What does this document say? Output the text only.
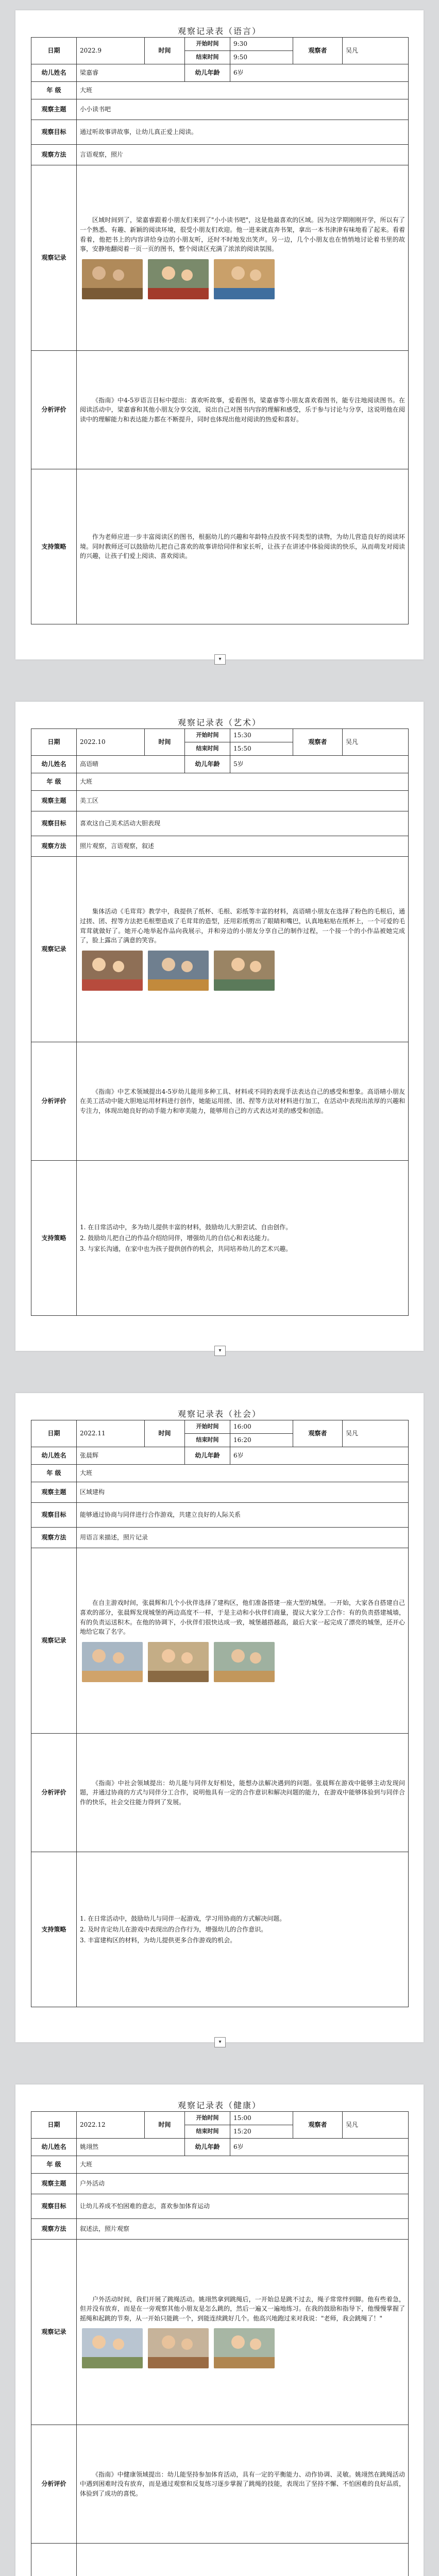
观察记录表（语言）
日期	2022.9	时间	开始时间	9:30	观察者	吴凡
			结束时间	9:50		
幼儿姓名	梁嘉睿		幼儿年龄	6岁		
年 级	大班					
观察主题	小小读书吧					
观察目标	通过听故事讲故事，让幼儿真正爱上阅读。					
观察方法	言语观察，照片					
观察记录	区域时间到了，梁嘉睿跟着小朋友们来到了"小小读书吧"，这是他最喜欢的区域。因为这学期刚刚开学，所以有了一个熟悉、有趣、新颖的阅读环境，很受小朋友们欢迎。他一进来就直奔书架，拿出一本书津津有味地看了起来。看着看着，他把书上的内容讲给身边的小朋友听，还时不时地发出笑声。另一边，几个小朋友也在悄悄地讨论着书里的故事，安静地翻阅着一页一页的图书，整个阅读区充满了浓浓的阅读氛围。					

分析评价	《指南》中4-5岁语言目标中提出：喜欢听故事，爱看图书，梁嘉睿等小朋友喜欢看图书，能专注地阅读图书。在阅读活动中，梁嘉睿和其他小朋友分享交流，说出自己对图书内容的理解和感受，乐于参与讨论与分享，这说明他在阅读中的理解能力和表达能力都在不断提升，同时也体现出他对阅读的热爱和喜好。					

支持策略	作为老师应进一步丰富阅读区的图书，根据幼儿的兴趣和年龄特点投放不同类型的读物，为幼儿营造良好的阅读环境。同时教师还可以鼓励幼儿把自己喜欢的故事讲给同伴和家长听，让孩子在讲述中体验阅读的快乐，从而萌发对阅读的兴趣，让孩子们爱上阅读、喜欢阅读。					

▾
观察记录表（艺术）
日期	2022.10	时间	开始时间	15:30	观察者	吴凡
			结束时间	15:50		
幼儿姓名	高语晴		幼儿年龄	5岁		
年 级	大班					
观察主题	美工区					
观察目标	喜欢这自己美术活动大胆表现					
观察方法	照片观察，言语观察，叙述					
观察记录	集体活动《毛茸茸》教学中，我提供了纸杯、毛根、彩纸等丰富的材料，高语晴小朋友在选择了粉色的毛根后，通过搓、团、捏等方法把毛根塑造成了毛茸茸的造型，还用彩纸剪出了眼睛和嘴巴，认真地粘贴在纸杯上，一个可爱的毛茸茸就做好了。她开心地举起作品向我展示，并和旁边的小朋友分享自己的制作过程，一个接一个的小作品被她完成了，脸上露出了满意的笑容。					

分析评价	《指南》中艺术领域提出4-5岁幼儿能用多种工具、材料或不同的表现手法表达自己的感受和想象。高语晴小朋友在美工活动中能大胆地运用材料进行创作，她能运用搓、团、捏等方法对材料进行加工，在活动中表现出浓厚的兴趣和专注力，体现出她良好的动手能力和审美能力，能够用自己的方式表达对美的感受和创造。					

支持策略	1. 在日常活动中，多为幼儿提供丰富的材料，鼓励幼儿大胆尝试、自由创作。
2. 鼓励幼儿把自己的作品介绍给同伴，增强幼儿的自信心和表达能力。
3. 与家长沟通，在家中也为孩子提供创作的机会，共同培养幼儿的艺术兴趣。					
▾
观察记录表（社会）
日期	2022.11	时间	开始时间	16:00	观察者	吴凡
			结束时间	16:20		
幼儿姓名	张晨辉		幼儿年龄	6岁		
年 级	大班					
观察主题	区域建构					
观察目标	能够通过协商与同伴进行合作游戏，共建立良好的人际关系					
观察方法	用语言来描述，照片记录					
观察记录	在自主游戏时间，张晨辉和几个小伙伴选择了建构区，他们准备搭建一座大型的城堡。一开始，大家各自搭建自己喜欢的部分，张晨辉发现城堡的两边高度不一样，于是主动和小伙伴们商量，提议大家分工合作：有的负责搭建城墙，有的负责运送积木。在他的协调下，小伙伴们很快达成一致，城堡越搭越高，最后大家一起完成了漂亮的城堡，还开心地给它取了名字。					

分析评价	《指南》中社会领域提出：幼儿能与同伴友好相处，能想办法解决遇到的问题。张晨辉在游戏中能够主动发现问题，并通过协商的方式与同伴分工合作，说明他具有一定的合作意识和解决问题的能力，在游戏中能够体验到与同伴合作的快乐，社会交往能力得到了发展。					

支持策略	1. 在日常活动中，鼓励幼儿与同伴一起游戏，学习用协商的方式解决问题。
2. 及时肯定幼儿在游戏中表现出的合作行为，增强幼儿的合作意识。
3. 丰富建构区的材料，为幼儿提供更多合作游戏的机会。					
▾
观察记录表（健康）
日期	2022.12	时间	开始时间	15:00	观察者	吴凡
			结束时间	15:20		
幼儿姓名	姚翊然		幼儿年龄	6岁		
年 级	大班					
观察主题	户外活动					
观察目标	让幼儿养成不怕困难的意志，喜欢参加体育运动					
观察方法	叙述法，照片观察					
观察记录	户外活动时间，我们开展了跳绳活动。姚翊然拿到跳绳后，一开始总是跳不过去，绳子常常绊到脚。他有些着急，但并没有放弃，而是在一旁观察其他小朋友是怎么跳的，然后一遍又一遍地练习。在我的鼓励和指导下，他慢慢掌握了摇绳和起跳的节奏，从一开始只能跳一个，到能连续跳好几个。他高兴地跑过来对我说："老师，我会跳绳了！"					

分析评价	《指南》中健康领域提出：幼儿能坚持参加体育活动，具有一定的平衡能力、动作协调、灵敏。姚翊然在跳绳活动中遇到困难时没有放弃，而是通过观察和反复练习逐步掌握了跳绳的技能，表现出了坚持不懈、不怕困难的良好品质，体验到了成功的喜悦。					
